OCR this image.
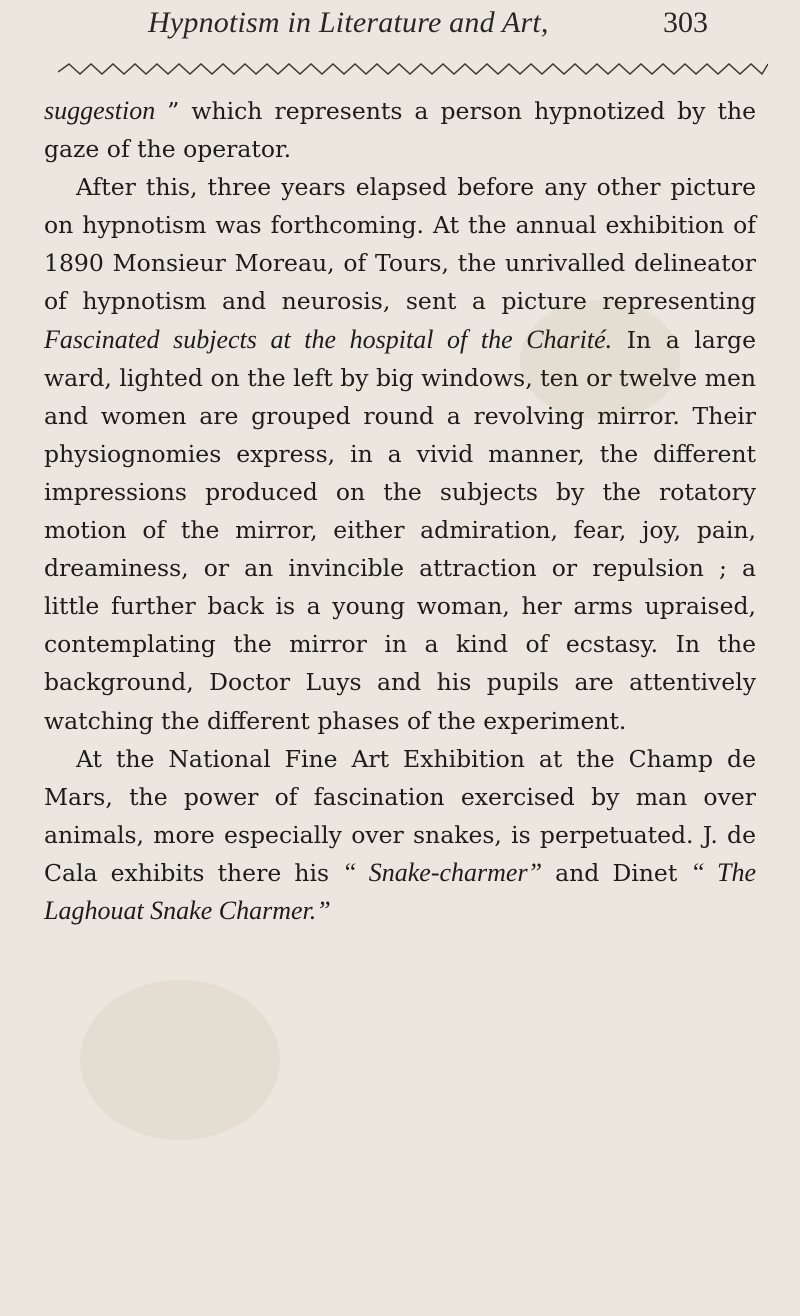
Hypnotism in Literature and Art,	303

suggestion ” which represents a person hypnotized by the gaze of the operator.

After this, three years elapsed before any other picture on hypnotism was forthcoming. At the annual exhibition of 1890 Monsieur Moreau, of Tours, the unrivalled delineator of hypnotism and neurosis, sent a picture representing Fascinated subjects at the hospital of the Charité. In a large ward, lighted on the left by big windows, ten or twelve men and women are grouped round a revolving mirror. Their physiognomies express, in a vivid manner, the different impressions produced on the subjects by the rotatory motion of the mirror, either admiration, fear, joy, pain, dreaminess, or an invincible attraction or repulsion ; a little further back is a young woman, her arms upraised, contemplating the mirror in a kind of ecstasy. In the background, Doctor Luys and his pupils are attentively watching the different phases of the experiment.

At the National Fine Art Exhibition at the Champ de Mars, the power of fascination exercised by man over animals, more especially over snakes, is perpetuated. J. de Cala exhibits there his “ Snake-charmer” and Dinet “ The Laghouat Snake Charmer.”
